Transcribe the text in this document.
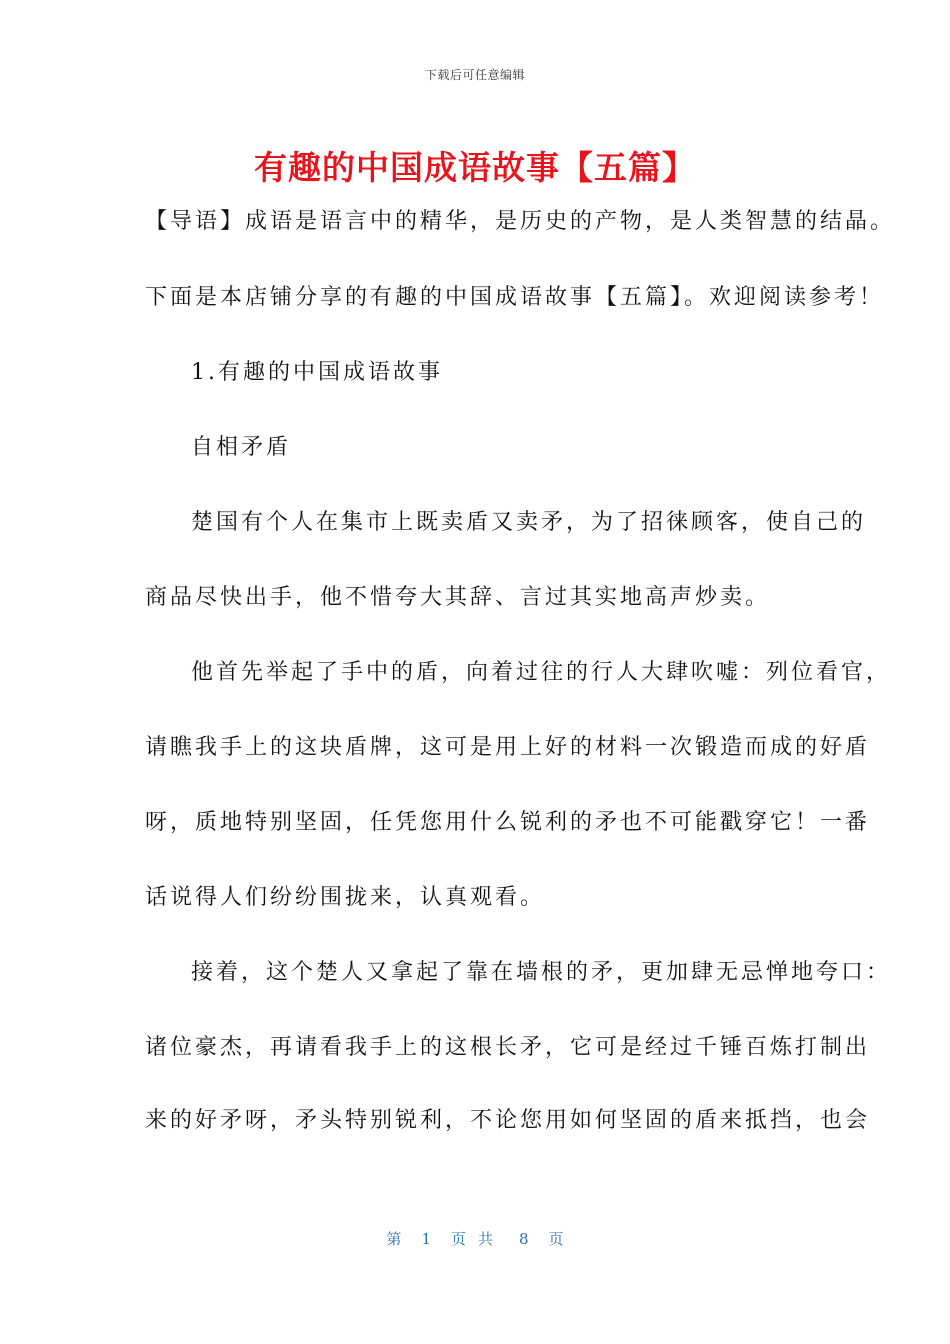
下载后可任意编辑
有趣的中国成语故事【五篇】
【导语】成语是语言中的精华，是历史的产物，是人类智慧的结晶。
下面是本店铺分享的有趣的中国成语故事【五篇】。欢迎阅读参考！
1.有趣的中国成语故事
自相矛盾
楚国有个人在集市上既卖盾又卖矛，为了招徕顾客，使自己的
商品尽快出手，他不惜夸大其辞、言过其实地高声炒卖。
他首先举起了手中的盾，向着过往的行人大肆吹嘘：列位看官，
请瞧我手上的这块盾牌，这可是用上好的材料一次锻造而成的好盾
呀，质地特别坚固，任凭您用什么锐利的矛也不可能戳穿它！一番
话说得人们纷纷围拢来，认真观看。
接着，这个楚人又拿起了靠在墙根的矛，更加肆无忌惮地夸口：
诸位豪杰，再请看我手上的这根长矛，它可是经过千锤百炼打制出
来的好矛呀，矛头特别锐利，不论您用如何坚固的盾来抵挡，也会
第 1 页共 8 页
